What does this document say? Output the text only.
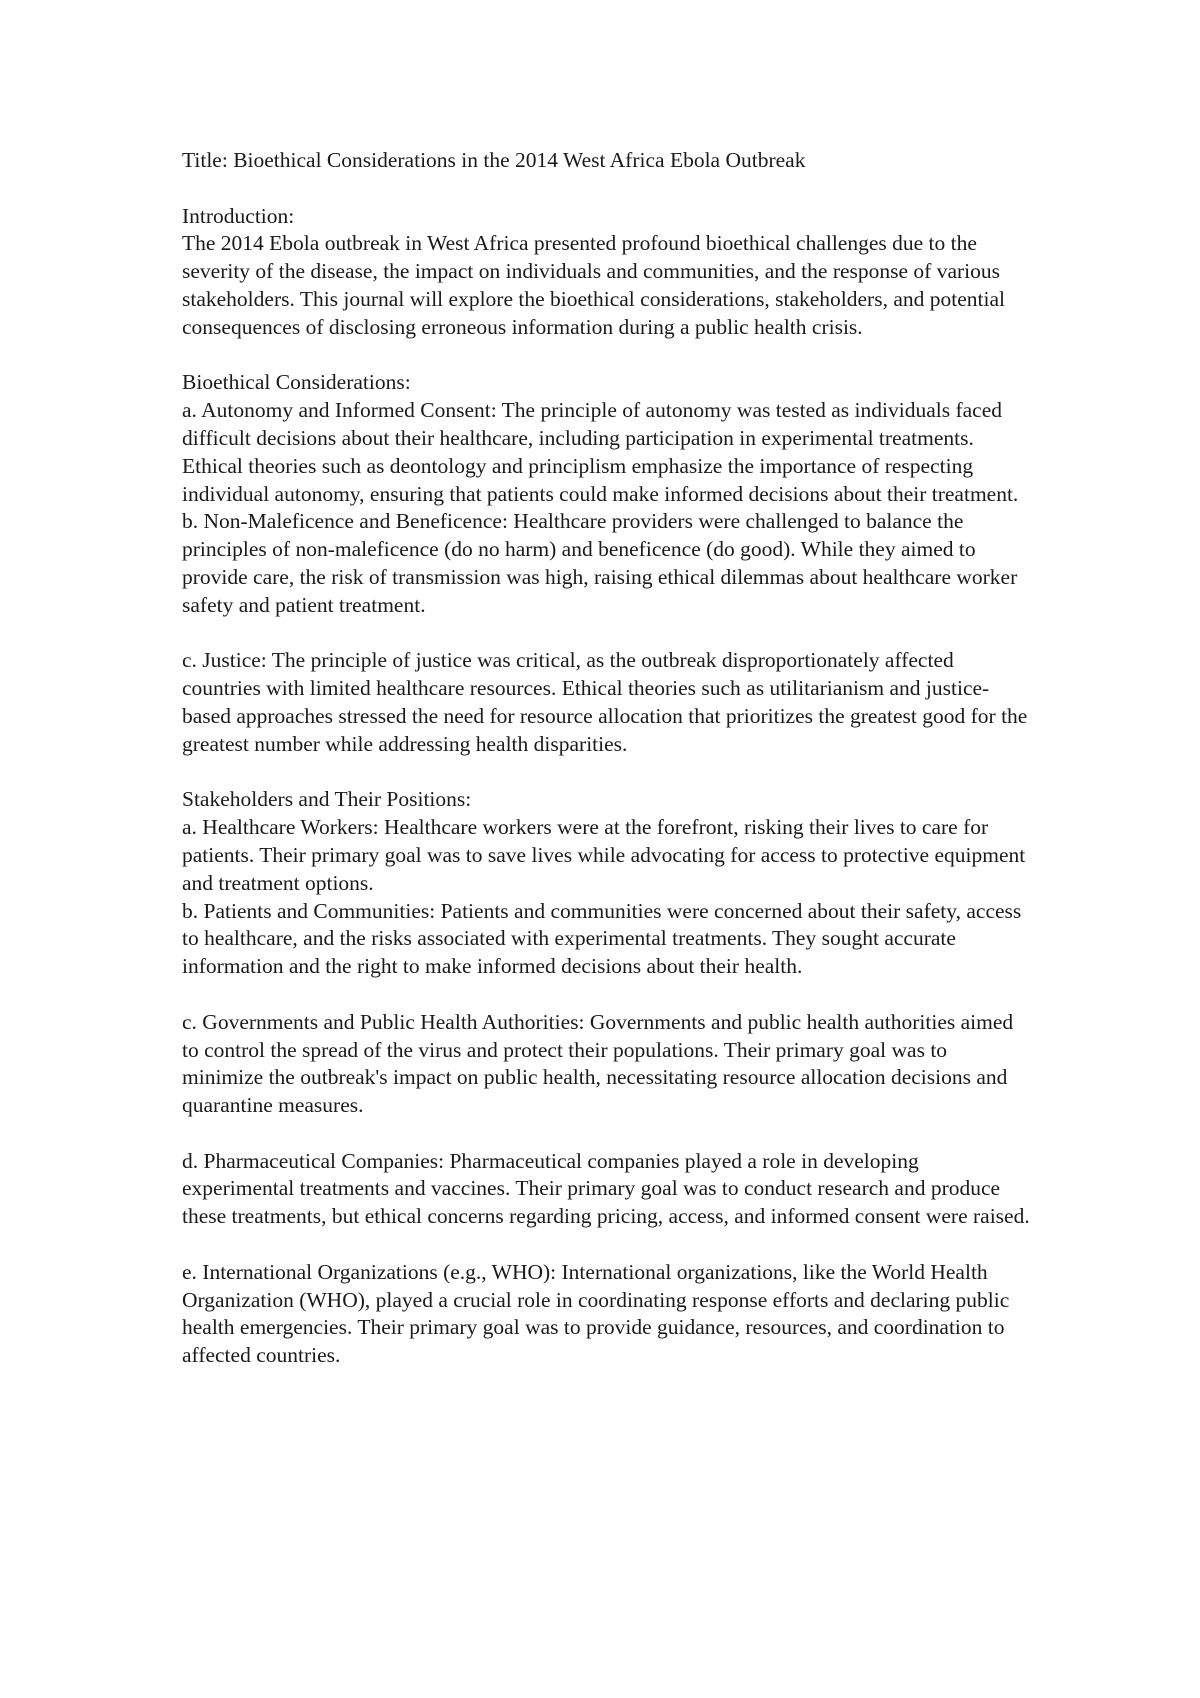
Title: Bioethical Considerations in the 2014 West Africa Ebola Outbreak

Introduction:

The 2014 Ebola outbreak in West Africa presented profound bioethical challenges due to the severity of the disease, the impact on individuals and communities, and the response of various stakeholders. This journal will explore the bioethical considerations, stakeholders, and potential consequences of disclosing erroneous information during a public health crisis.

Bioethical Considerations:

a. Autonomy and Informed Consent: The principle of autonomy was tested as individuals faced difficult decisions about their healthcare, including participation in experimental treatments. Ethical theories such as deontology and principlism emphasize the importance of respecting individual autonomy, ensuring that patients could make informed decisions about their treatment.

b. Non-Maleficence and Beneficence: Healthcare providers were challenged to balance the principles of non-maleficence (do no harm) and beneficence (do good). While they aimed to provide care, the risk of transmission was high, raising ethical dilemmas about healthcare worker safety and patient treatment.

c. Justice: The principle of justice was critical, as the outbreak disproportionately affected countries with limited healthcare resources. Ethical theories such as utilitarianism and justice-based approaches stressed the need for resource allocation that prioritizes the greatest good for the greatest number while addressing health disparities.

Stakeholders and Their Positions:

a. Healthcare Workers: Healthcare workers were at the forefront, risking their lives to care for patients. Their primary goal was to save lives while advocating for access to protective equipment and treatment options.

b. Patients and Communities: Patients and communities were concerned about their safety, access to healthcare, and the risks associated with experimental treatments. They sought accurate information and the right to make informed decisions about their health.

c. Governments and Public Health Authorities: Governments and public health authorities aimed to control the spread of the virus and protect their populations. Their primary goal was to minimize the outbreak's impact on public health, necessitating resource allocation decisions and quarantine measures.

d. Pharmaceutical Companies: Pharmaceutical companies played a role in developing experimental treatments and vaccines. Their primary goal was to conduct research and produce these treatments, but ethical concerns regarding pricing, access, and informed consent were raised.

e. International Organizations (e.g., WHO): International organizations, like the World Health Organization (WHO), played a crucial role in coordinating response efforts and declaring public health emergencies. Their primary goal was to provide guidance, resources, and coordination to affected countries.
